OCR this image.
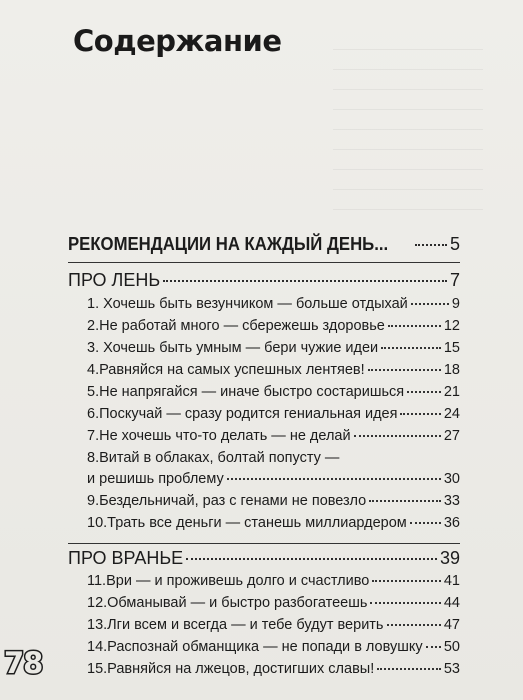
Содержание
РЕКОМЕНДАЦИИ НА КАЖДЫЙ ДЕНЬ...	5
ПРО ЛЕНЬ	7
1. Хочешь быть везунчиком — больше отдыхай	9
2.Не работай много — сбережешь здоровье	12
3. Хочешь быть умным — бери чужие идеи	15
4.Равняйся на самых успешных лентяев!	18
5.Не напрягайся — иначе быстро состаришься	21
6.Поскучай — сразу родится гениальная идея	24
7.Не хочешь что-то делать — не делай	27
8.Витай в облаках, болтай попусту —
и решишь проблему	30
9.Бездельничай, раз с генами не повезло	33
10.Трать все деньги — станешь миллиардером	36
ПРО ВРАНЬЕ	39
11.Ври — и проживешь долго и счастливо	41
12.Обманывай — и быстро разбогатеешь	44
13.Лги всем и всегда — и тебе будут верить	47
14.Распознай обманщика — не попади в ловушку 50
15.Равняйся на лжецов, достигших славы!	53
78
